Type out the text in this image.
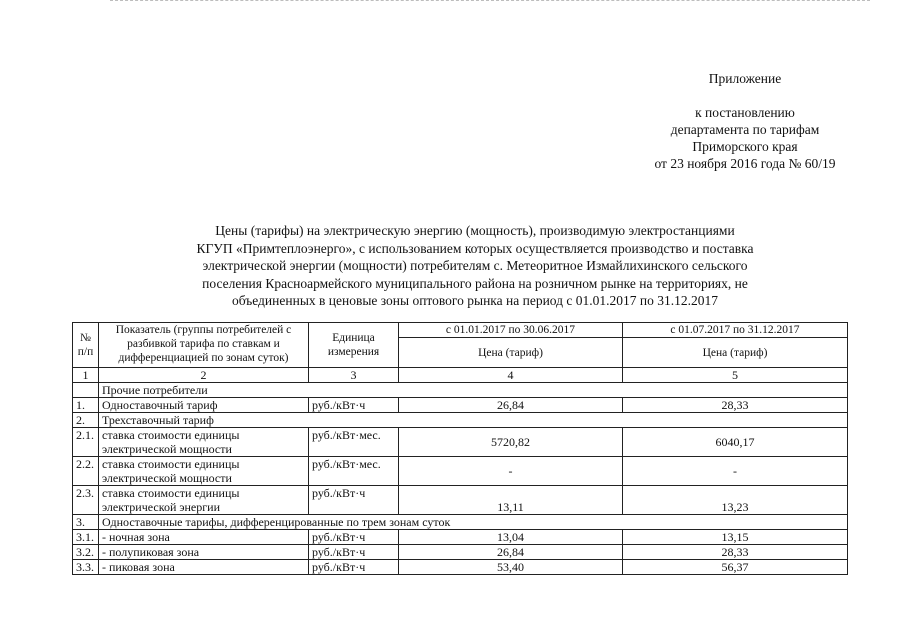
Приложение
к постановлению
департамента по тарифам
Приморского края
от 23 ноября 2016 года № 60/19
Цены (тарифы) на электрическую энергию (мощность), производимую электростанциями
КГУП «Примтеплоэнерго», с использованием которых осуществляется производство и поставка
электрической энергии (мощности) потребителям с. Метеоритное Измайлихинского сельского
поселения Красноармейского муниципального района на розничном рынке на территориях, не
объединенных в ценовые зоны оптового рынка на период с 01.01.2017 по 31.12.2017
№ п/п	Показатель (группы потребителей с разбивкой тарифа по ставкам и дифференциацией по зонам суток)	Единица измерения	с 01.01.2017 по 30.06.2017	с 01.07.2017 по 31.12.2017
			Цена (тариф)	Цена (тариф)
1	2	3	4	5
	Прочие потребители			
1.	Одноставочный тариф	руб./кВт·ч	26,84	28,33
2.	Трехставочный тариф			
2.1.	ставка стоимости единицы электрической мощности	руб./кВт·мес.	5720,82	6040,17
2.2.	ставка стоимости единицы электрической мощности	руб./кВт·мес.	-	-
2.3.	ставка стоимости единицы электрической энергии	руб./кВт·ч	13,11	13,23
3.	Одноставочные тарифы, дифференцированные по трем зонам суток			
3.1.	- ночная зона	руб./кВт·ч	13,04	13,15
3.2.	- полупиковая зона	руб./кВт·ч	26,84	28,33
3.3.	- пиковая зона	руб./кВт·ч	53,40	56,37
